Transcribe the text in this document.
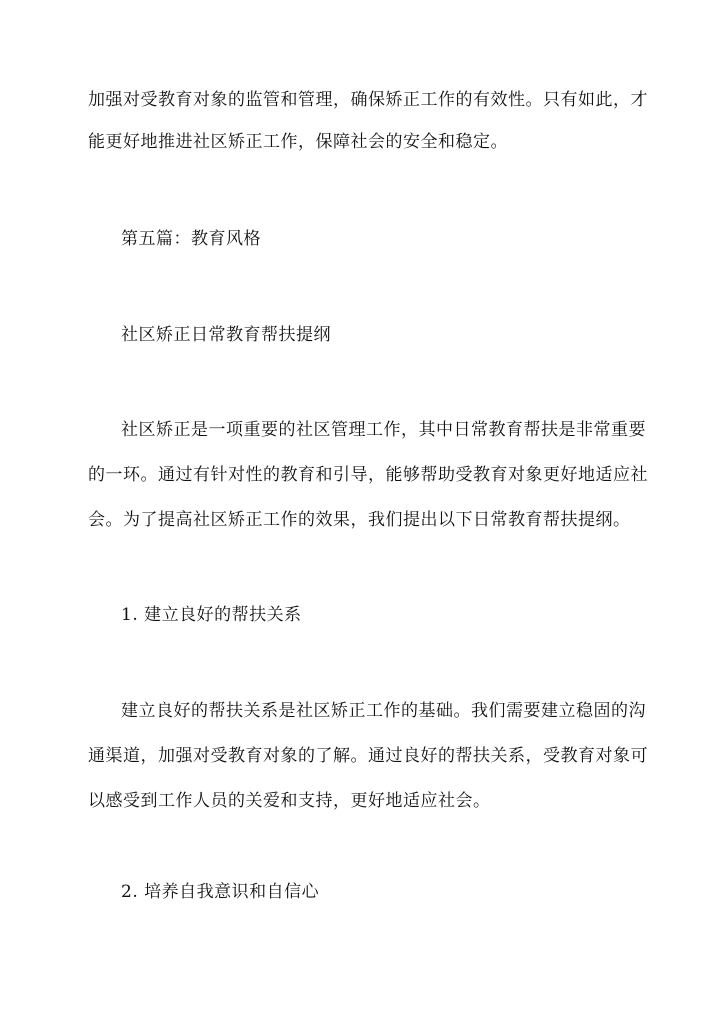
加强对受教育对象的监管和管理，确保矫正工作的有效性。只有如此，才
能更好地推进社区矫正工作，保障社会的安全和稳定。
第五篇：教育风格
社区矫正日常教育帮扶提纲
社区矫正是一项重要的社区管理工作，其中日常教育帮扶是非常重要
的一环。通过有针对性的教育和引导，能够帮助受教育对象更好地适应社
会。为了提高社区矫正工作的效果，我们提出以下日常教育帮扶提纲。
1. 建立良好的帮扶关系
建立良好的帮扶关系是社区矫正工作的基础。我们需要建立稳固的沟
通渠道，加强对受教育对象的了解。通过良好的帮扶关系，受教育对象可
以感受到工作人员的关爱和支持，更好地适应社会。
2. 培养自我意识和自信心
